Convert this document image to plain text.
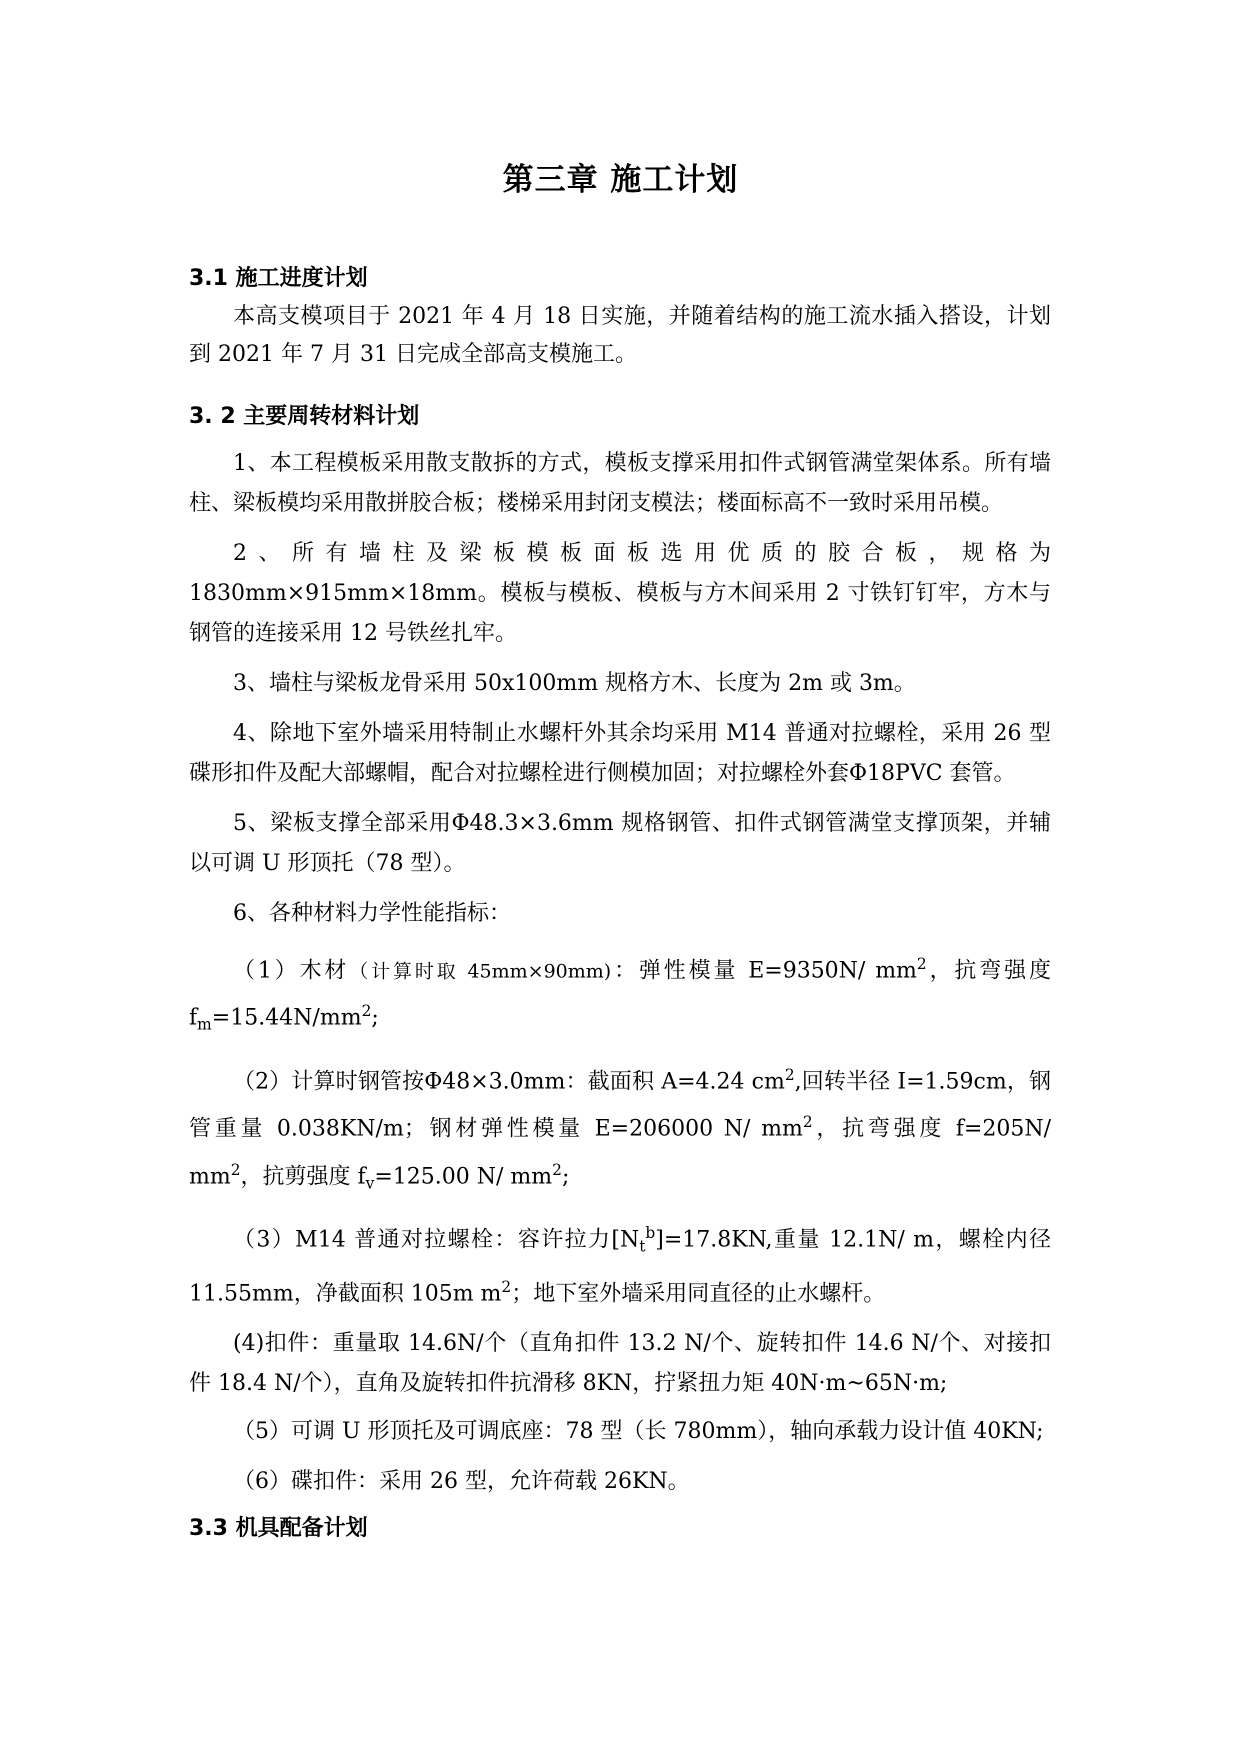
第三章 施工计划
3.1 施工进度计划

本高支模项目于 2021 年 4 月 18 日实施，并随着结构的施工流水插入搭设，计划到 2021 年 7 月 31 日完成全部高支模施工。

3. 2 主要周转材料计划

1、本工程模板采用散支散拆的方式，模板支撑采用扣件式钢管满堂架体系。所有墙柱、梁板模均采用散拼胶合板；楼梯采用封闭支模法；楼面标高不一致时采用吊模。

2、所有墙柱及梁板模板面板选用优质的胶合板，规格为 1830mm×915mm×18mm。模板与模板、模板与方木间采用 2 寸铁钉钉牢，方木与钢管的连接采用 12 号铁丝扎牢。

3、墙柱与梁板龙骨采用 50x100mm 规格方木、长度为 2m 或 3m。

4、除地下室外墙采用特制止水螺杆外其余均采用 M14 普通对拉螺栓，采用 26 型碟形扣件及配大部螺帽，配合对拉螺栓进行侧模加固；对拉螺栓外套Φ18PVC 套管。

5、梁板支撑全部采用Φ48.3×3.6mm 规格钢管、扣件式钢管满堂支撑顶架，并辅以可调 U 形顶托（78 型）。

6、各种材料力学性能指标：

（1）木材（计算时取 45mm×90mm)：弹性模量 E=9350N/ $mm^2$，抗弯强度 $f_m=15.44N/mm^2$;

（2）计算时钢管按Φ48×3.0mm：截面积 A=4.24 $cm^2$,回转半径 I=1.59cm，钢管重量 0.038KN/m；钢材弹性模量 E=206000 N/ $mm^2$，抗弯强度 f=205N/ $mm^2$，抗剪强度 $f_v=125.00$ N/ $mm^2$;

（3）M14 普通对拉螺栓：容许拉力$[N_t^b]=17.8KN$,重量 12.1N/ m，螺栓内径 11.55mm，净截面积 105m $m^2$；地下室外墙采用同直径的止水螺杆。

(4)扣件：重量取 14.6N/个（直角扣件 13.2 N/个、旋转扣件 14.6 N/个、对接扣件 18.4 N/个），直角及旋转扣件抗滑移 8KN，拧紧扭力矩 40N·m~65N·m;

（5）可调 U 形顶托及可调底座：78 型（长 780mm），轴向承载力设计值 40KN;

（6）碟扣件：采用 26 型，允许荷载 26KN。

3.3 机具配备计划
